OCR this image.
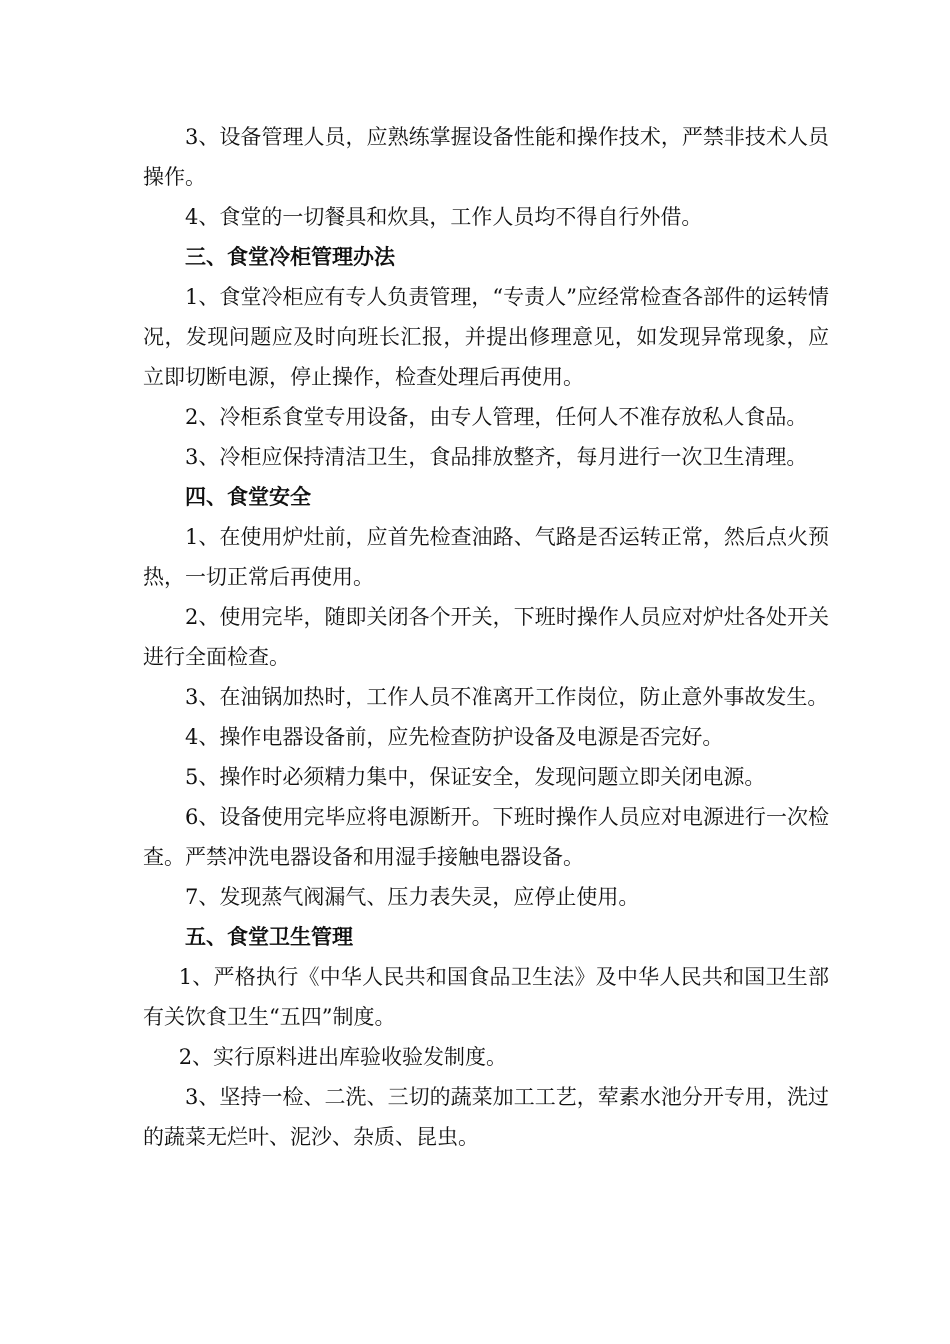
3、设备管理人员，应熟练掌握设备性能和操作技术，严禁非技术人员操作。

4、食堂的一切餐具和炊具，工作人员均不得自行外借。

三、食堂冷柜管理办法

1、食堂冷柜应有专人负责管理，“专责人”应经常检查各部件的运转情况，发现问题应及时向班长汇报，并提出修理意见，如发现异常现象，应立即切断电源，停止操作，检查处理后再使用。

2、冷柜系食堂专用设备，由专人管理，任何人不准存放私人食品。

3、冷柜应保持清洁卫生，食品排放整齐，每月进行一次卫生清理。

四、食堂安全

1、在使用炉灶前，应首先检查油路、气路是否运转正常，然后点火预热，一切正常后再使用。

2、使用完毕，随即关闭各个开关，下班时操作人员应对炉灶各处开关进行全面检查。

3、在油锅加热时，工作人员不准离开工作岗位，防止意外事故发生。

4、操作电器设备前，应先检查防护设备及电源是否完好。

5、操作时必须精力集中，保证安全，发现问题立即关闭电源。

6、设备使用完毕应将电源断开。下班时操作人员应对电源进行一次检查。严禁冲洗电器设备和用湿手接触电器设备。

7、发现蒸气阀漏气、压力表失灵，应停止使用。

五、食堂卫生管理

1、严格执行《中华人民共和国食品卫生法》及中华人民共和国卫生部有关饮食卫生“五四”制度。

2、实行原料进出库验收验发制度。

3、坚持一检、二洗、三切的蔬菜加工工艺，荤素水池分开专用，洗过的蔬菜无烂叶、泥沙、杂质、昆虫。
